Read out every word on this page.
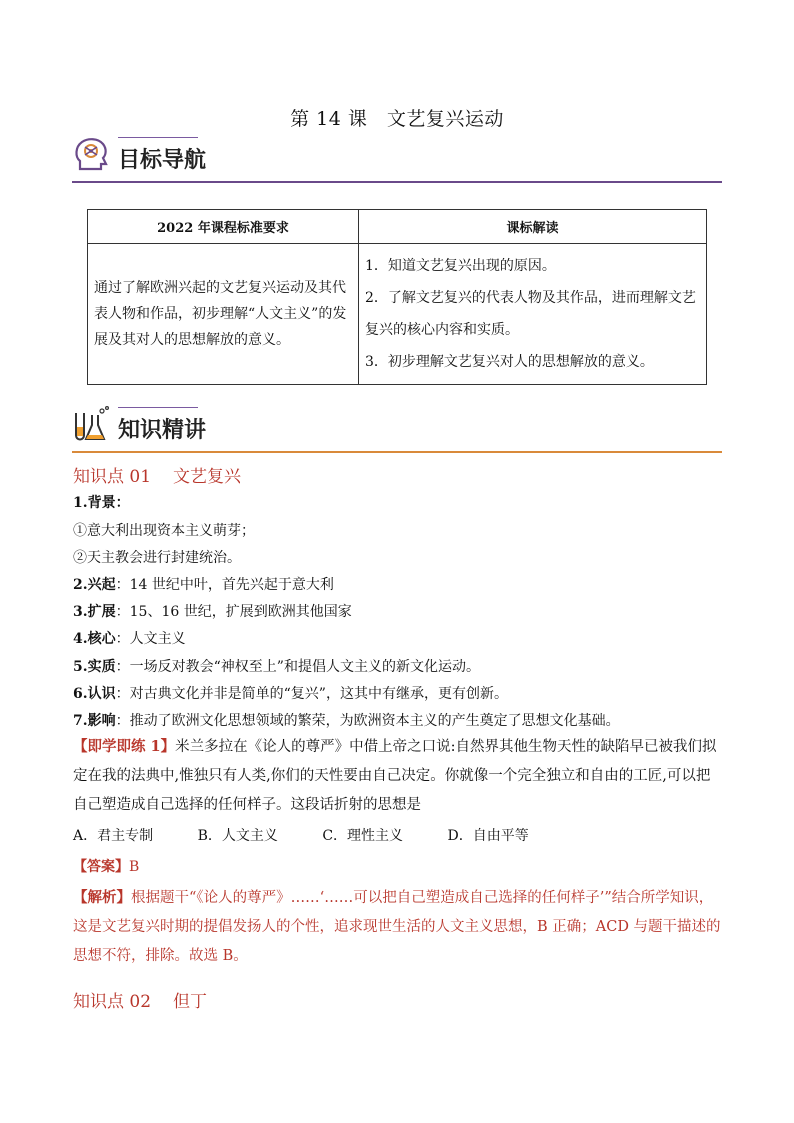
第 14 课　文艺复兴运动
目标导航
2022 年课程标准要求	课标解读
通过了解欧洲兴起的文艺复兴运动及其代表人物和作品，初步理解“人文主义”的发展及其对人的思想解放的意义。	1．知道文艺复兴出现的原因。

2．了解文艺复兴的代表人物及其作品，进而理解文艺复兴的核心内容和实质。

3．初步理解文艺复兴对人的思想解放的意义。

知识精讲
知识点 01 文艺复兴
1.背景：
①意大利出现资本主义萌芽；
②天主教会进行封建统治。
2.兴起：14 世纪中叶，首先兴起于意大利
3.扩展：15、16 世纪，扩展到欧洲其他国家
4.核心：人文主义
5.实质：一场反对教会“神权至上”和提倡人文主义的新文化运动。
6.认识：对古典文化并非是简单的“复兴”，这其中有继承，更有创新。
7.影响：推动了欧洲文化思想领域的繁荣，为欧洲资本主义的产生奠定了思想文化基础。
【即学即练 1】米兰多拉在《论人的尊严》中借上帝之口说:自然界其他生物天性的缺陷早已被我们拟定在我的法典中,惟独只有人类,你们的天性要由自己决定。你就像一个完全独立和自由的工匠,可以把自己塑造成自己选择的任何样子。这段话折射的思想是
A．君主专制	B．人文主义	C．理性主义	D．自由平等
【答案】B
【解析】根据题干“《论人的尊严》……‘……可以把自己塑造成自己选择的任何样子’”结合所学知识，这是文艺复兴时期的提倡发扬人的个性，追求现世生活的人文主义思想，B 正确；ACD 与题干描述的思想不符，排除。故选 B。
知识点 02 但丁
